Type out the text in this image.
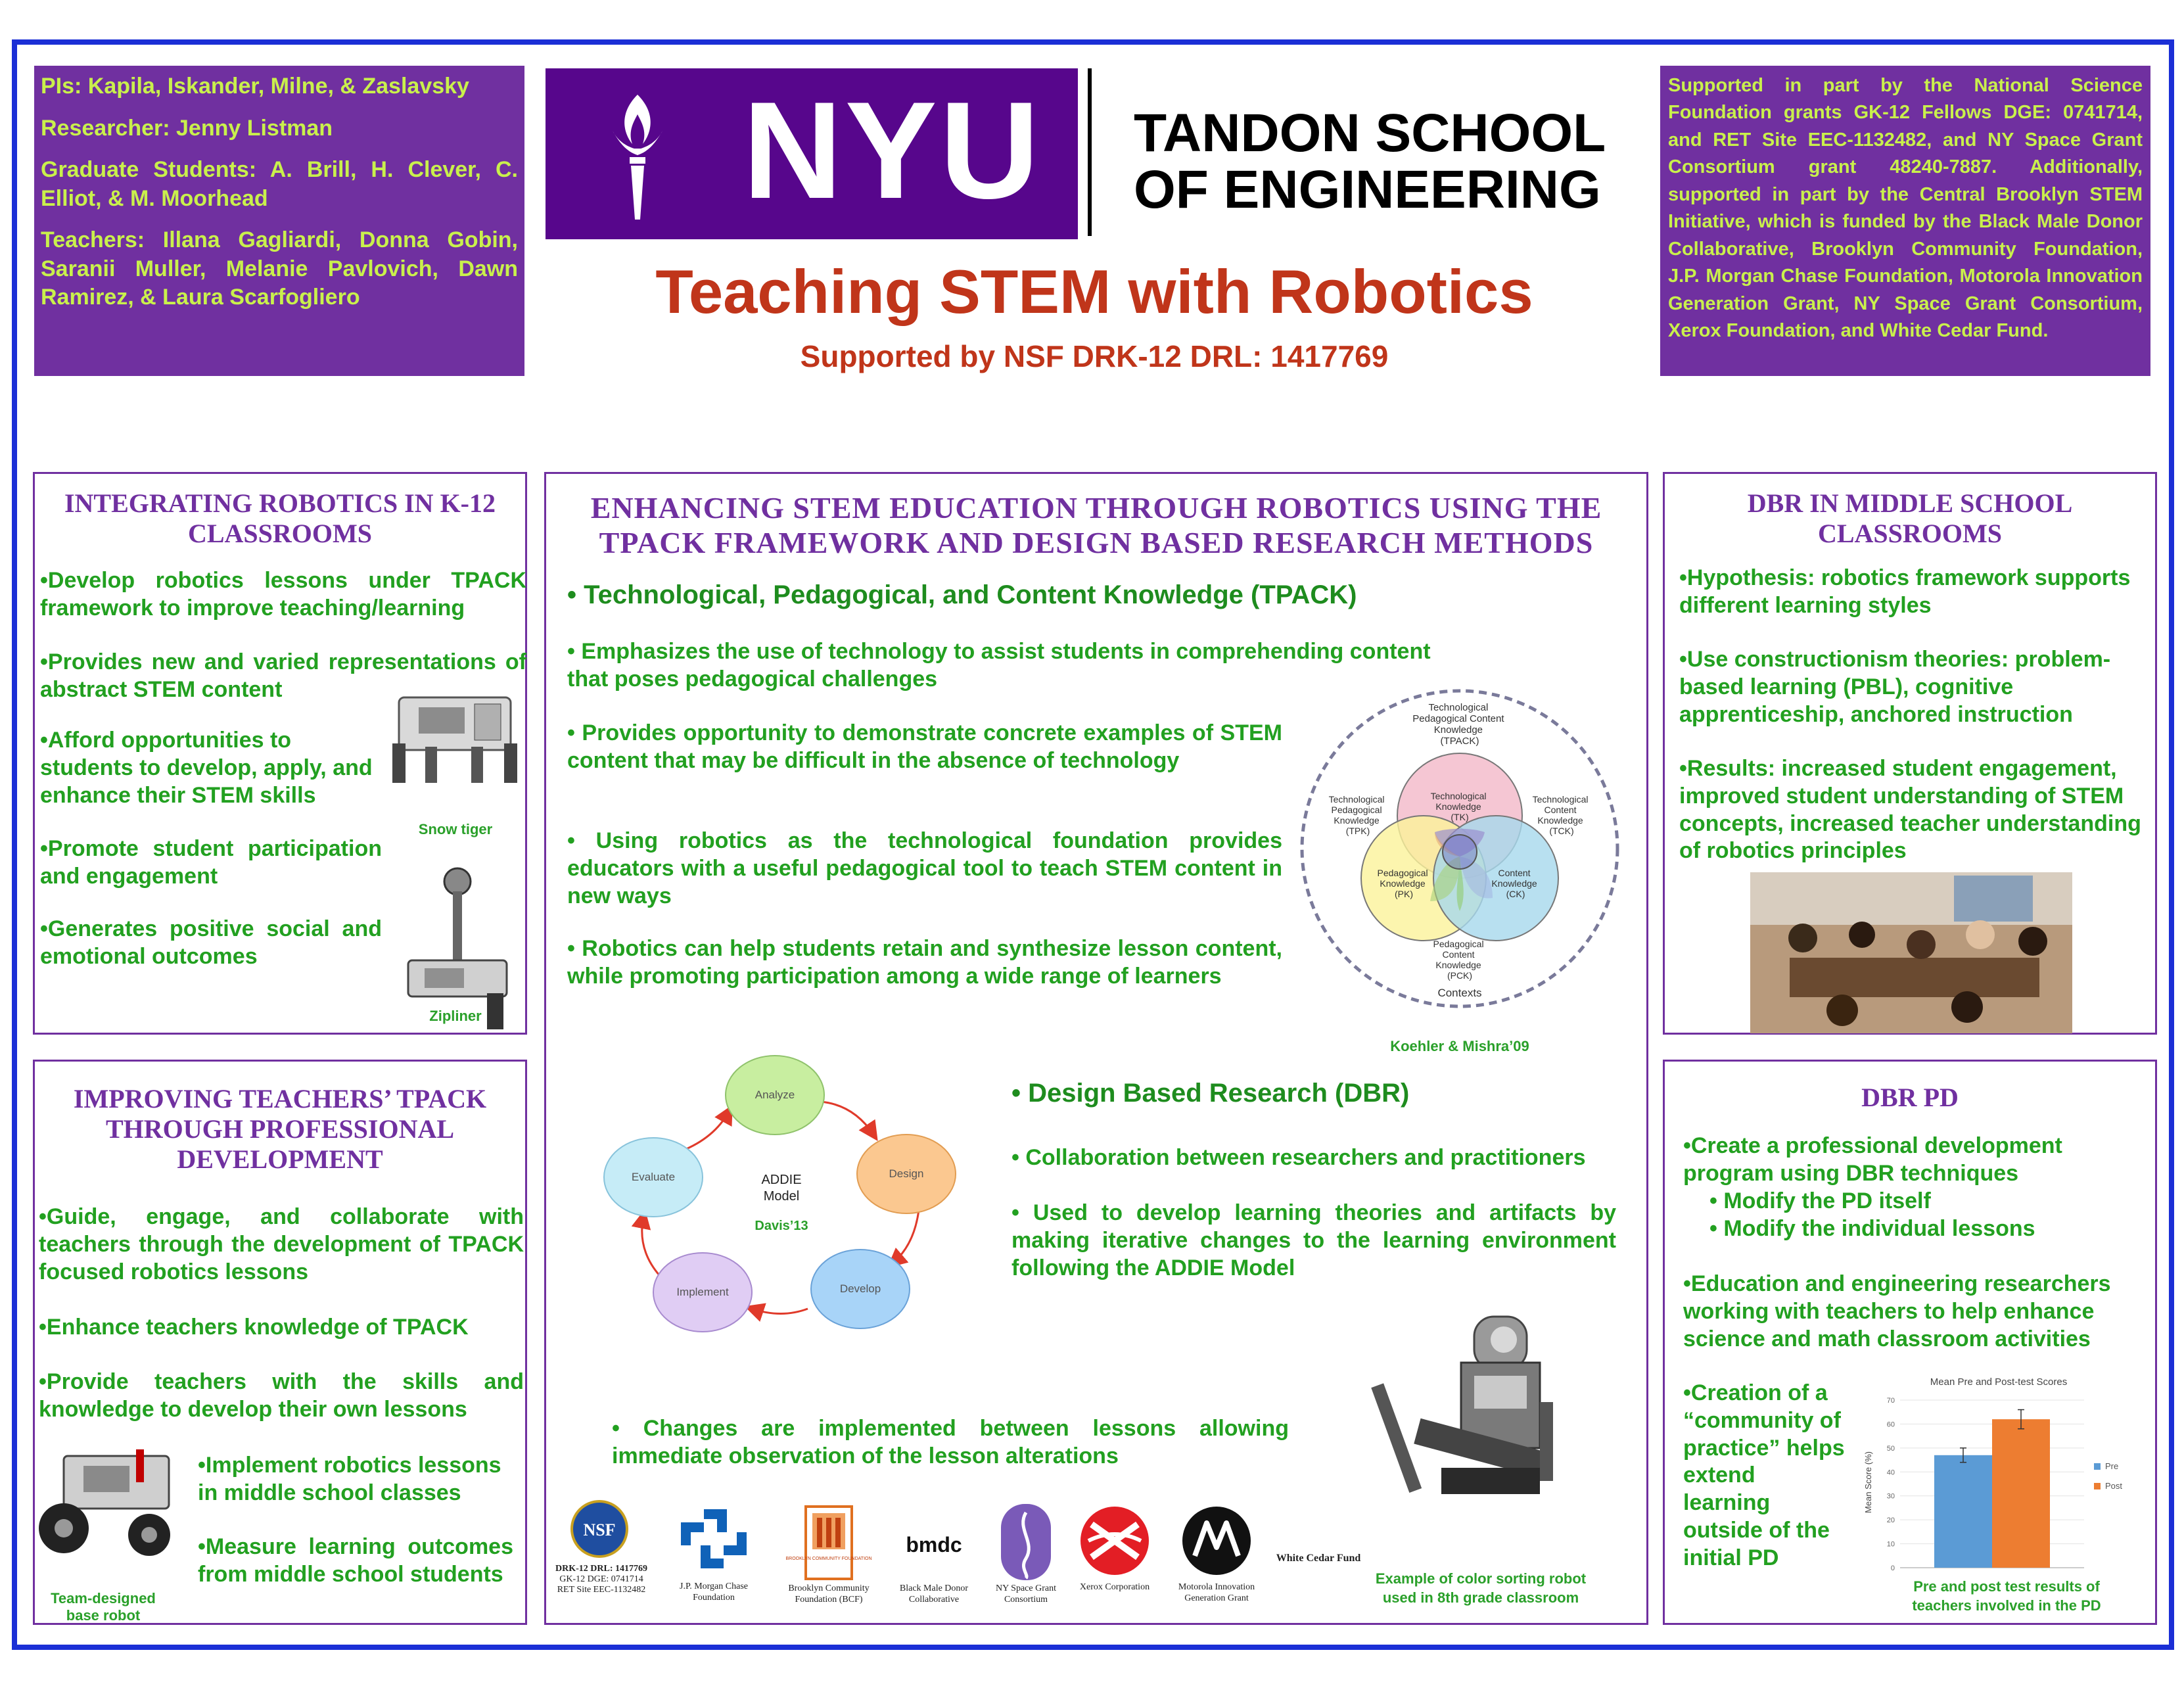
PIs: Kapila, Iskander, Milne, & Zaslavsky
Researcher: Jenny Listman
Graduate Students: A. Brill, H. Clever, C. Elliot, & M. Moorhead
Teachers: Illana Gagliardi, Donna Gobin, Saranii Muller, Melanie Pavlovich, Dawn Ramirez, & Laura Scarfogliero
NYU TANDON SCHOOL
OF ENGINEERING
Teaching STEM with Robotics
Supported by NSF DRK-12 DRL: 1417769
Supported in part by the National Science Foundation grants GK-12 Fellows DGE: 0741714, and RET Site EEC-1132482, and NY Space Grant Consortium grant 48240-7887. Additionally, supported in part by the Central Brooklyn STEM Initiative, which is funded by the Black Male Donor Collaborative, Brooklyn Community Foundation, J.P. Morgan Chase Foundation, Motorola Innovation Generation Grant, NY Space Grant Consortium, Xerox Foundation, and White Cedar Fund.
INTEGRATING ROBOTICS IN K-12 CLASSROOMS
•Develop robotics lessons under TPACK framework to improve teaching/learning
•Provides new and varied representations of abstract STEM content
•Afford opportunities to students to develop, apply, and enhance their STEM skills
•Promote student participation and engagement
•Generates positive social and emotional outcomes
Snow tiger
Zipliner
IMPROVING TEACHERS’ TPACK THROUGH PROFESSIONAL DEVELOPMENT
•Guide, engage, and collaborate with teachers through the development of TPACK focused robotics lessons
•Enhance teachers knowledge of TPACK
•Provide teachers with the skills and knowledge to develop their own lessons
•Implement robotics lessons in middle school classes
•Measure learning outcomes from middle school students
Team-designed base robot
ENHANCING STEM EDUCATION THROUGH ROBOTICS USING THE TPACK FRAMEWORK AND DESIGN BASED RESEARCH METHODS
• Technological, Pedagogical, and Content Knowledge (TPACK)
• Emphasizes the use of technology to assist students in comprehending content that poses pedagogical challenges
• Provides opportunity to demonstrate concrete examples of STEM content that may be difficult in the absence of technology
• Using robotics as the technological foundation provides educators with a useful pedagogical tool to teach STEM content in new ways
• Robotics can help students retain and synthesize lesson content, while promoting participation among a wide range of learners
Technological Pedagogical Content Knowledge (TPACK)
Technological Pedagogical Knowledge (TPK)
Technological Content Knowledge (TCK)
Technological Knowledge (TK)
Pedagogical Knowledge (PK)
Content Knowledge (CK)
Pedagogical Content Knowledge (PCK)
Contexts
Koehler & Mishra’09
Analyze
Design
Develop
Implement
Evaluate	ADDIE
Model
Davis’13
• Design Based Research (DBR)
• Collaboration between researchers and practitioners
• Used to develop learning theories and artifacts by making iterative changes to the learning environment following the ADDIE Model
• Changes are implemented between lessons allowing immediate observation of the lesson alterations
Example of color sorting robot
used in 8th grade classroom
NSF
DRK-12 DRL: 1417769
GK-12 DGE: 0741714
RET Site EEC-1132482	J.P. Morgan Chase Foundation
BROOKLYN COMMUNITY FOUNDATION
Brooklyn Community Foundation (BCF)
bmdc
Black Male Donor Collaborative
NY Space Grant Consortium
Xerox Corporation	Motorola Innovation Generation Grant
White Cedar Fund
DBR IN MIDDLE SCHOOL CLASSROOMS
•Hypothesis: robotics framework supports different learning styles
•Use constructionism theories: problem-based learning (PBL), cognitive apprenticeship, anchored instruction
•Results: increased student engagement, improved student understanding of STEM concepts, increased teacher understanding of robotics principles
DBR PD
•Create a professional development program using DBR techniques
• Modify the PD itself
• Modify the individual lessons
•Education and engineering researchers working with teachers to help enhance science and math classroom activities
•Creation of a “community of practice” helps extend learning outside of the initial PD
Mean Pre and Post-test Scores
Mean Score (%)
0
10
20
30
40
50
60
70
Pre
Post
Pre and post test results of
teachers involved in the PD
